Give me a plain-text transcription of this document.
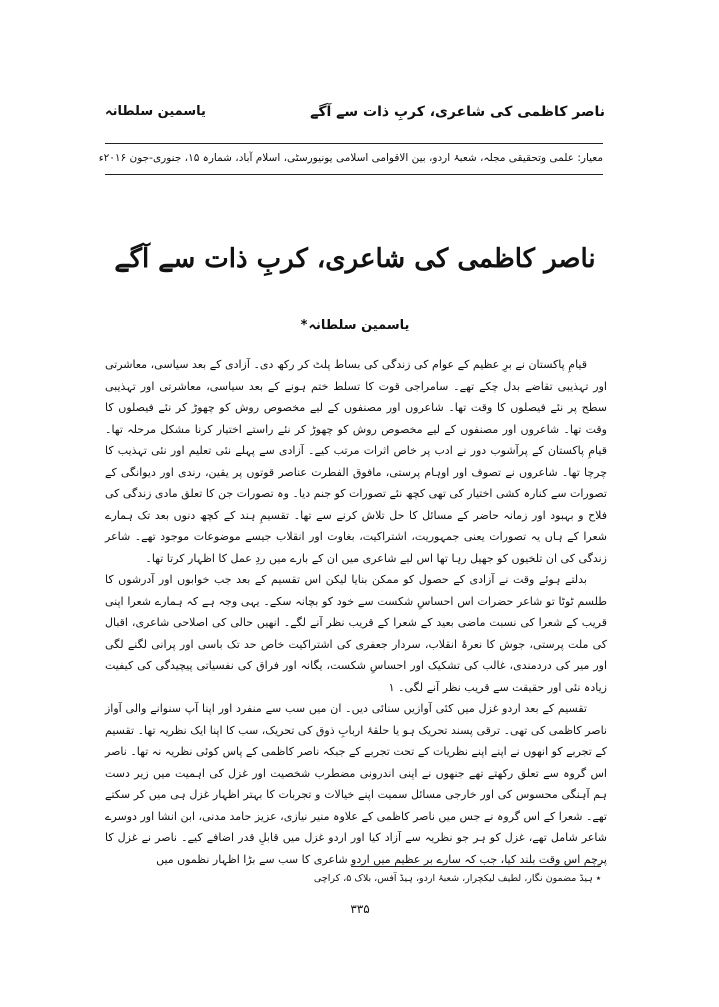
ناصر کاظمی کی شاعری، کربِ ذات سے آگے
یاسمین سلطانہ
معیار: علمی وتحقیقی مجلہ، شعبۂ اردو، بین الاقوامی اسلامی یونیورسٹی، اسلام آباد، شمارہ ۱۵، جنوری-جون ۲۰۱۶ء
ناصر کاظمی کی شاعری، کربِ ذات سے آگے
یاسمین سلطانہ*

قیامِ پاکستان نے برِ عظیم کے عوام کی زندگی کی بساط پلٹ کر رکھ دی۔ آزادی کے بعد سیاسی، معاشرتی اور تہذیبی تقاضے بدل چکے تھے۔ سامراجی قوت کا تسلط ختم ہونے کے بعد سیاسی، معاشرتی اور تہذیبی سطح پر نئے فیصلوں کا وقت تھا۔ شاعروں اور مصنفوں کے لیے مخصوص روش کو چھوڑ کر نئے فیصلوں کا وقت تھا۔ شاعروں اور مصنفوں کے لیے مخصوص روش کو چھوڑ کر نئے راستے اختیار کرنا مشکل مرحلہ تھا۔ قیامِ پاکستان کے پرآشوب دور نے ادب پر خاص اثرات مرتب کیے۔ آزادی سے پہلے نئی تعلیم اور نئی تہذیب کا چرچا تھا۔ شاعروں نے تصوف اور اوہام پرستی، مافوق الفطرت عناصر قوتوں پر یقین، رندی اور دیوانگی کے تصورات سے کنارہ کشی اختیار کی تھی کچھ نئے تصورات کو جنم دیا۔ وہ تصورات جن کا تعلق مادی زندگی کی فلاح و بہبود اور زمانہ حاضر کے مسائل کا حل تلاش کرنے سے تھا۔ تقسیمِ ہند کے کچھ دنوں بعد تک ہمارے شعرا کے ہاں یہ تصورات یعنی جمہوریت، اشتراکیت، بغاوت اور انقلاب جیسے موضوعات موجود تھے۔ شاعر زندگی کی ان تلخیوں کو جھیل رہا تھا اس لیے شاعری میں ان کے بارے میں ردِ عمل کا اظہار کرتا تھا۔

بدلتے ہوئے وقت نے آزادی کے حصول کو ممکن بنایا لیکن اس تقسیم کے بعد جب خوابوں اور آدرشوں کا طلسم ٹوٹا تو شاعر حضرات اس احساسِ شکست سے خود کو بچانہ سکے۔ یہی وجہ ہے کہ ہمارے شعرا اپنی قریب کے شعرا کی نسبت ماضی بعید کے شعرا کے قریب نظر آنے لگے۔ انھیں حالی کی اصلاحی شاعری، اقبال کی ملت پرستی، جوش کا نعرۂ انقلاب، سردار جعفری کی اشتراکیت خاص حد تک باسی اور پرانی لگنے لگی اور میر کی دردمندی، غالب کی تشکیک اور احساسِ شکست، یگانہ اور فراق کی نفسیاتی پیچیدگی کی کیفیت زیادہ نئی اور حقیقت سے قریب نظر آنے لگی۔ ۱

تقسیم کے بعد اردو غزل میں کئی آوازیں سنائی دیں۔ ان میں سب سے منفرد اور اپنا آپ سنوانے والی آواز ناصر کاظمی کی تھی۔ ترقی پسند تحریک ہو یا حلقۂ اربابِ ذوق کی تحریک، سب کا اپنا ایک نظریہ تھا۔ تقسیم کے تجربے کو انھوں نے اپنے اپنے نظریات کے تحت تجربے کے جبکہ ناصر کاظمی کے پاس کوئی نظریہ نہ تھا۔ ناصر اس گروہ سے تعلق رکھتے تھے جنھوں نے اپنی اندرونی مضطرب شخصیت اور غزل کی اہمیت میں زیر دست ہم آہنگی محسوس کی اور خارجی مسائل سمیت اپنے خیالات و تجربات کا بہتر اظہار غزل ہی میں کر سکتے تھے۔ شعرا کے اس گروہ نے جس میں ناصر کاظمی کے علاوہ منیر نیازی، عزیز حامد مدنی، ابن انشا اور دوسرے شاعر شامل تھے، غزل کو ہر جو نظریہ سے آزاد کیا اور اردو غزل میں قابلِ قدر اضافے کیے۔ ناصر نے غزل کا پرچم اس وقت بلند کیا، جب کہ سارے برِ عظیم میں اردو شاعری کا سب سے بڑا اظہار نظموں میں

٭ ہیڈ مضمون نگار، لطیف لیکچرار، شعبۂ اردو، ہیڈ آفس، بلاک ۵، کراچی
۳۳۵
